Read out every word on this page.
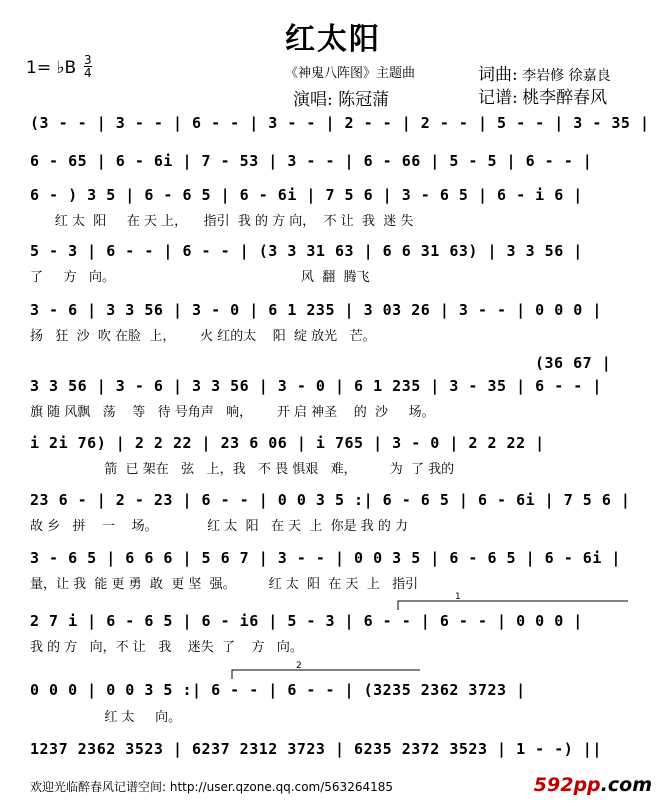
红太阳
1= ♭B $\frac{3}{4}$	《神鬼八阵图》主题曲
演唱: 陈冠蒲
词曲: 李岩修 徐嘉良
记谱: 桃李醉春风
(3 - - | 3 - - | 6 - - | 3 - - | 2 - - | 2 - - | 5 - - | 3 - 35 |
6 - 65 | 6 - 6i | 7 - 53 | 3 - - | 6 - 66 | 5 - 5 | 6 - - |
6 - ) 3 5 | 6 - 6 5 | 6 - 6i | 7 5 6 | 3 - 6 5 | 6 - i 6 |
红 太  阳     在 天 上，    指引  我 的 方 向，  不 让  我  迷 失
5 - 3 | 6 - - | 6 - - | (3 3 31 63 | 6 6 31 63) | 3 3 56 |
了     方   向。                                             风  翻  腾飞
3 - 6 | 3 3 56 | 3 - 0 | 6 1 235 | 3 03 26 | 3 - - | 0 0 0 |
扬   狂  沙  吹 在脸  上，      火 红的太    阳  绽 放光   芒。
(36 67 |
3 3 56 | 3 - 6 | 3 3 56 | 3 - 0 | 6 1 235 | 3 - 35 | 6 - - |
旗 随 风飘   荡    等   待 号角声   响，      开 启 神圣    的  沙     场。
i 2i 76) | 2 2 22 | 23 6 06 | i 765 | 3 - 0 | 2 2 22 |
箭  已 架在   弦   上，我   不 畏 惧艰   难，        为  了 我的
23 6 - | 2 - 23 | 6 - - | 0 0 3 5 :| 6 - 6 5 | 6 - 6i | 7 5 6 |
故 乡   拼    一    场。            红 太  阳   在 天  上  你是 我 的 力
3 - 6 5 | 6 6 6 | 5 6 7 | 3 - - | 0 0 3 5 | 6 - 6 5 | 6 - 6i |
量，让 我  能 更 勇  敢  更 坚  强。        红 太  阳  在 天  上   指引
2 7 i | 6 - 6 5 | 6 - i6 | 5 - 3 | 6 - - | 6 - - | 0 0 0 |
我 的 方   向，不 让   我    迷失  了    方   向。
0 0 0 | 0 0 3 5 :| 6 - - | 6 - - | (3235 2362 3723 |
红 太     向。
1237 2362 3523 | 6237 2312 3723 | 6235 2372 3523 | 1 - -) ||
1
2
欢迎光临醉春风记谱空间: http://user.qzone.qq.com/563264185	592pp.com
